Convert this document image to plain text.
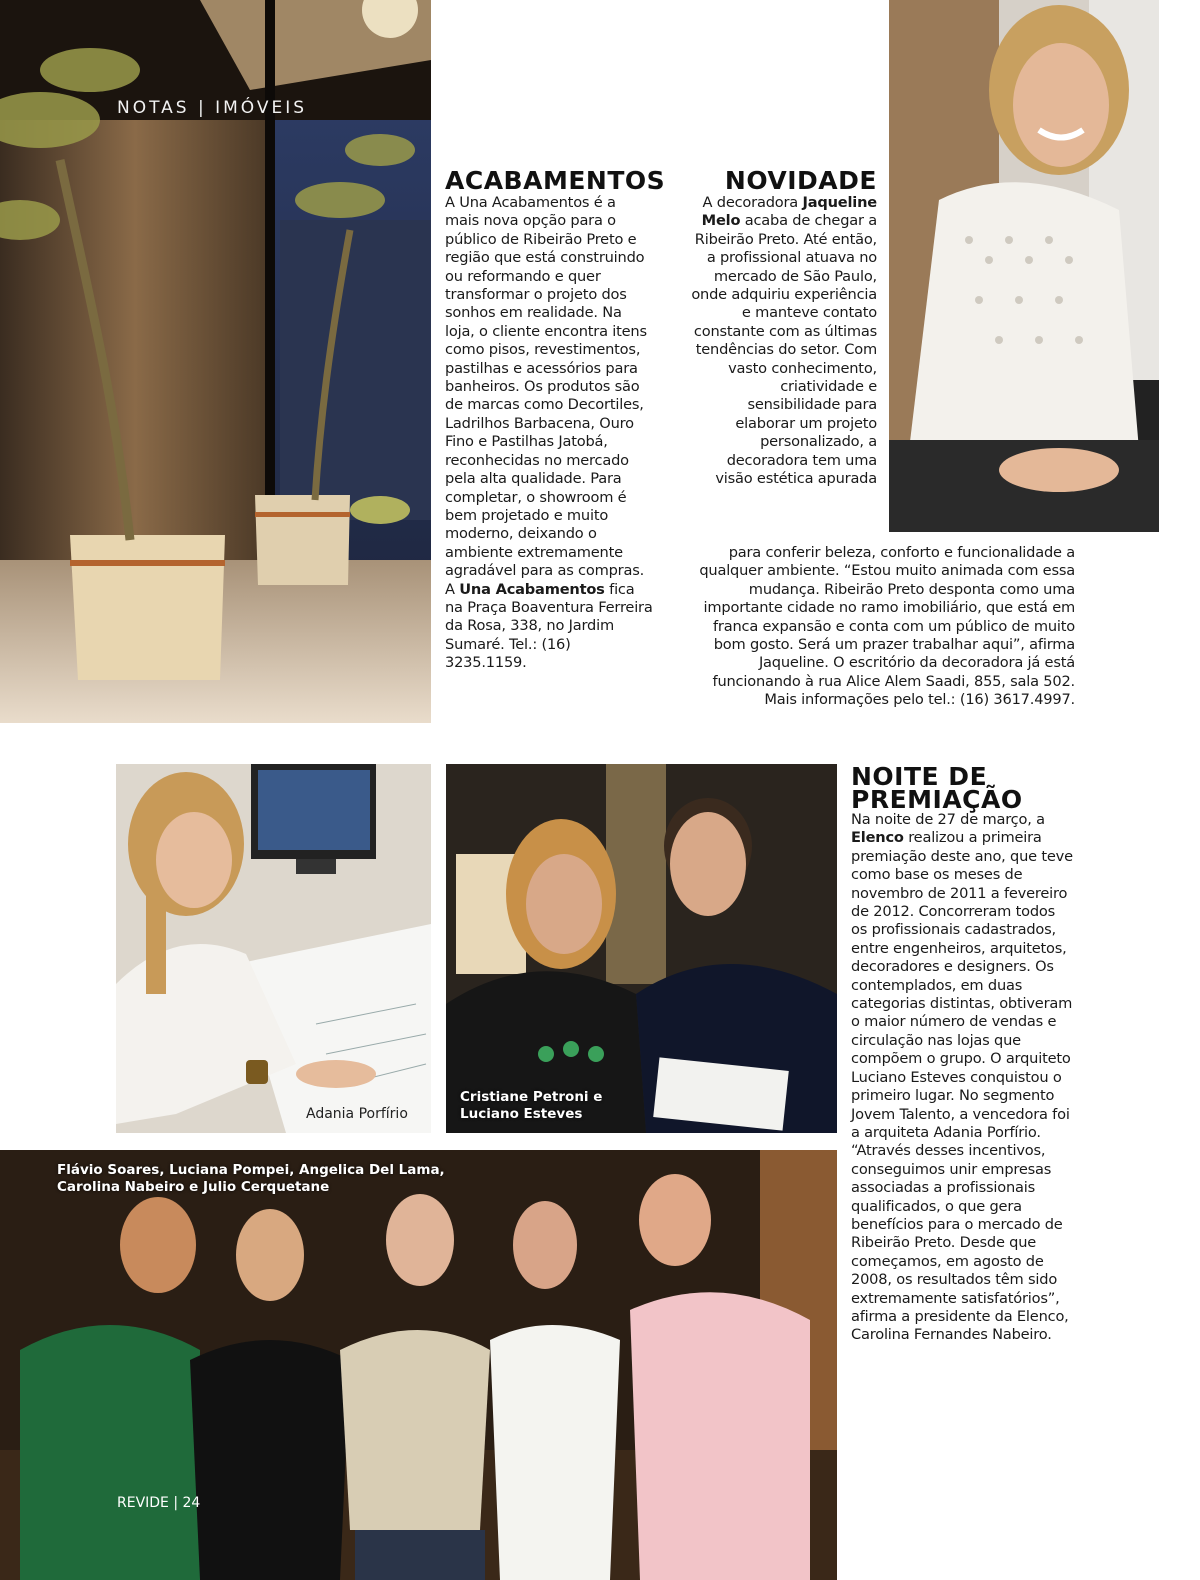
NOTAS | IMÓVEIS
ACABAMENTOS

A Una Acabamentos é a mais nova opção para o público de Ribeirão Preto e região que está construindo ou reformando e quer transformar o projeto dos sonhos em realidade. Na loja, o cliente encontra itens como pisos, revestimentos, pastilhas e acessórios para banheiros. Os produtos são de marcas como Decortiles, Ladrilhos Barbacena, Ouro Fino e Pastilhas Jatobá, reconhecidas no mercado pela alta qualidade. Para completar, o showroom é bem projetado e muito moderno, deixando o ambiente extremamente agradável para as compras. A Una Acabamentos fica na Praça Boaventura Ferreira da Rosa, 338, no Jardim Sumaré. Tel.: (16) 3235.1159.

NOVIDADE

A decoradora Jaqueline Melo acaba de chegar a Ribeirão Preto. Até então, a profissional atuava no mercado de São Paulo, onde adquiriu experiência e manteve contato constante com as últimas tendências do setor. Com vasto conhecimento, criatividade e sensibilidade para elaborar um projeto personalizado, a decoradora tem uma visão estética apurada

para conferir beleza, conforto e funcionalidade a qualquer ambiente. “Estou muito animada com essa mudança. Ribeirão Preto desponta como uma importante cidade no ramo imobiliário, que está em franca expansão e conta com um público de muito bom gosto. Será um prazer trabalhar aqui”, afirma Jaqueline. O escritório da decoradora já está funcionando à rua Alice Alem Saadi, 855, sala 502. Mais informações pelo tel.: (16) 3617.4997.

Adania Porfírio
Cristiane Petroni e
Luciano Esteves
Flávio Soares, Luciana Pompei, Angelica Del Lama,
Carolina Nabeiro e Julio Cerquetane
REVIDE | 24
NOITE DE
PREMIAÇÃO

Na noite de 27 de março, a Elenco realizou a primeira premiação deste ano, que teve como base os meses de novembro de 2011 a fevereiro de 2012. Concorreram todos os profissionais cadastrados, entre engenheiros, arquitetos, decoradores e designers. Os contemplados, em duas categorias distintas, obtiveram o maior número de vendas e circulação nas lojas que compõem o grupo. O arquiteto Luciano Esteves conquistou o primeiro lugar. No segmento Jovem Talento, a vencedora foi a arquiteta Adania Porfírio. “Através desses incentivos, conseguimos unir empresas associadas a profissionais qualificados, o que gera benefícios para o mercado de Ribeirão Preto. Desde que começamos, em agosto de 2008, os resultados têm sido extremamente satisfatórios”, afirma a presidente da Elenco, Carolina Fernandes Nabeiro.
